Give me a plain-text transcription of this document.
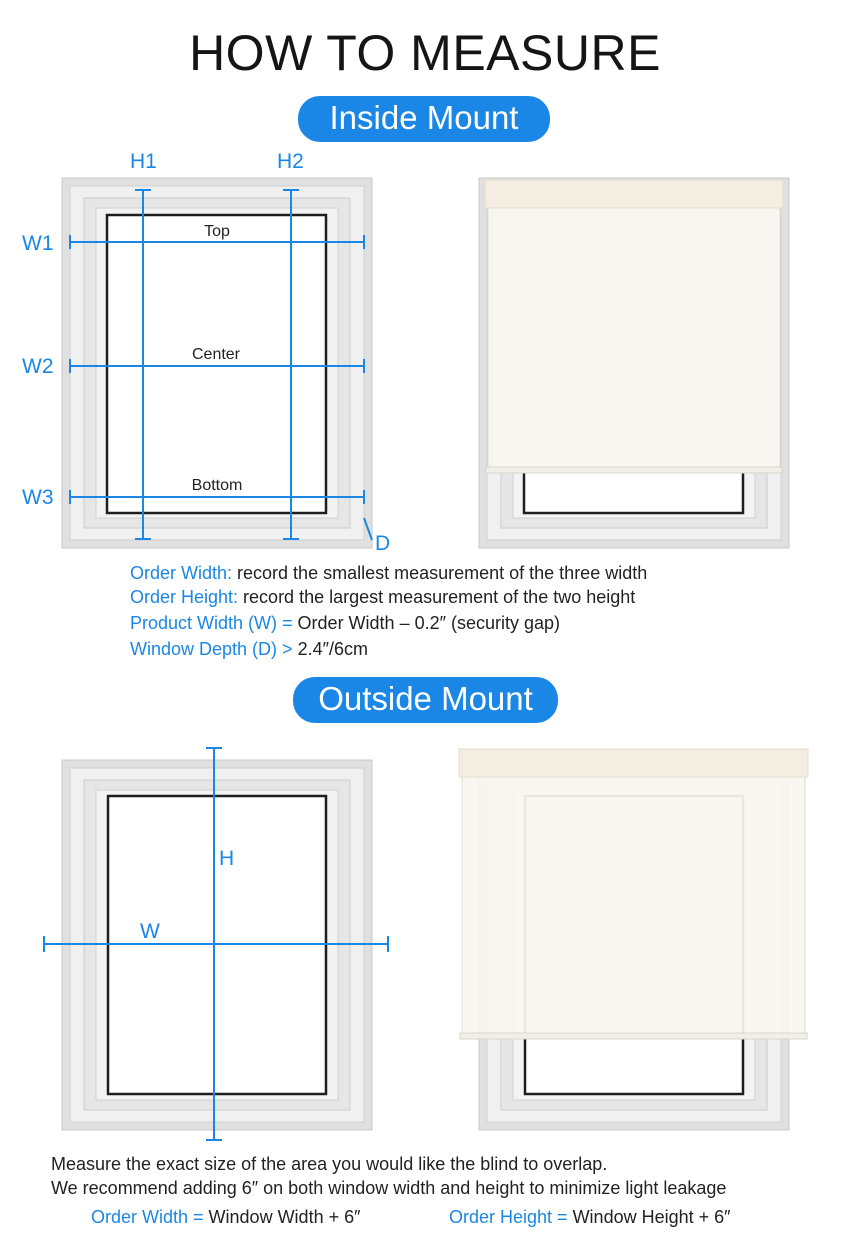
HOW TO MEASURE
Inside Mount
H1	H2
W1
W2
W3
D
Top
Center
Bottom
Order Width: record the smallest measurement of the three width
Order Height: record the largest measurement of the two height
Product Width (W) = Order Width – 0.2″ (security gap)
Window Depth (D) > 2.4″/6cm
Outside Mount
H
W
Measure the exact size of the area you would like the blind to overlap.
We recommend adding 6″ on both window width and height to minimize light leakage
Order Width = Window Width + 6″	Order Height = Window Height + 6″
